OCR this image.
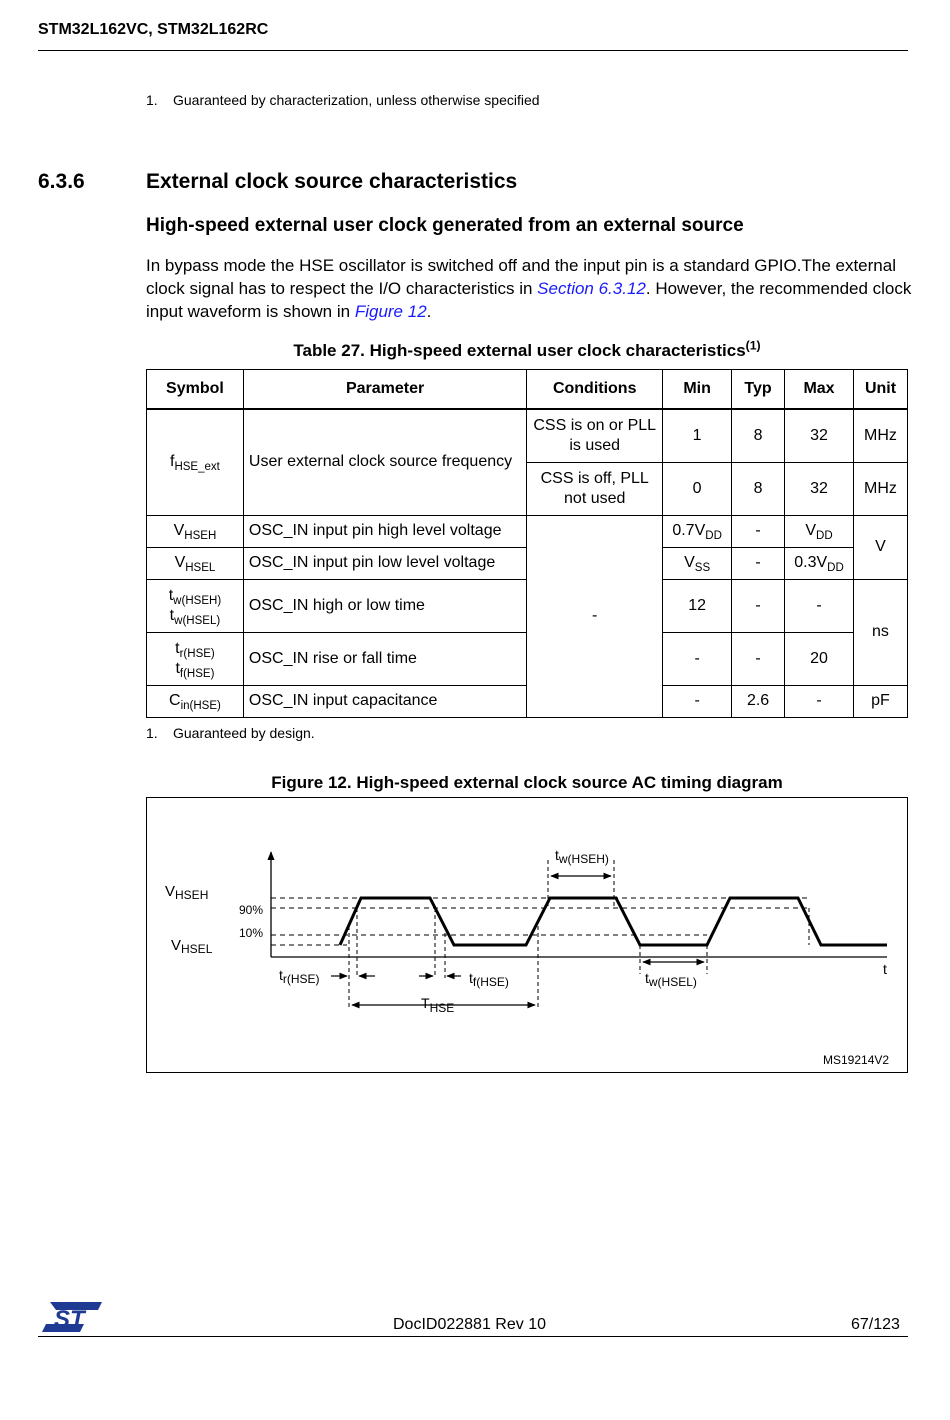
STM32L162VC, STM32L162RC
1. Guaranteed by characterization, unless otherwise specified
6.3.6	External clock source characteristics
High-speed external user clock generated from an external source
In bypass mode the HSE oscillator is switched off and the input pin is a standard GPIO.The external clock signal has to respect the I/O characteristics in Section 6.3.12. However, the recommended clock input waveform is shown in Figure 12.
Table 27. High-speed external user clock characteristics$^{(1)}$
Symbol	Parameter	Conditions	Min	Typ	Max	Unit
$f_{HSE\_ext}$	User external clock source frequency	CSS is on or PLL is used	1	8	32	MHz
		CSS is off, PLL not used	0	8	32	MHz
$V_{HSEH}$	OSC_IN input pin high level voltage	-	$0.7V_{DD}$	-	$V_{DD}$	V
$V_{HSEL}$	OSC_IN input pin low level voltage		$V_{SS}$	-	$0.3V_{DD}$
$t_{w(HSEH)}$
$t_{w(HSEL)}$	OSC_IN high or low time		12	-	-	ns
$t_{r(HSE)}$
$t_{f(HSE)}$	OSC_IN rise or fall time		-	-	20	
$C_{in(HSE)}$	OSC_IN input capacitance		-	2.6	-	pF
1. Guaranteed by design.
Figure 12. High-speed external clock source AC timing diagram
$V_{HSEH}$
$V_{HSEL}$
90%
10%
t
tw(HSEH)
tw(HSEL)
tr(HSE)	tf(HSE)
THSE
MS19214V2
ST	DocID022881 Rev 10	67/123
